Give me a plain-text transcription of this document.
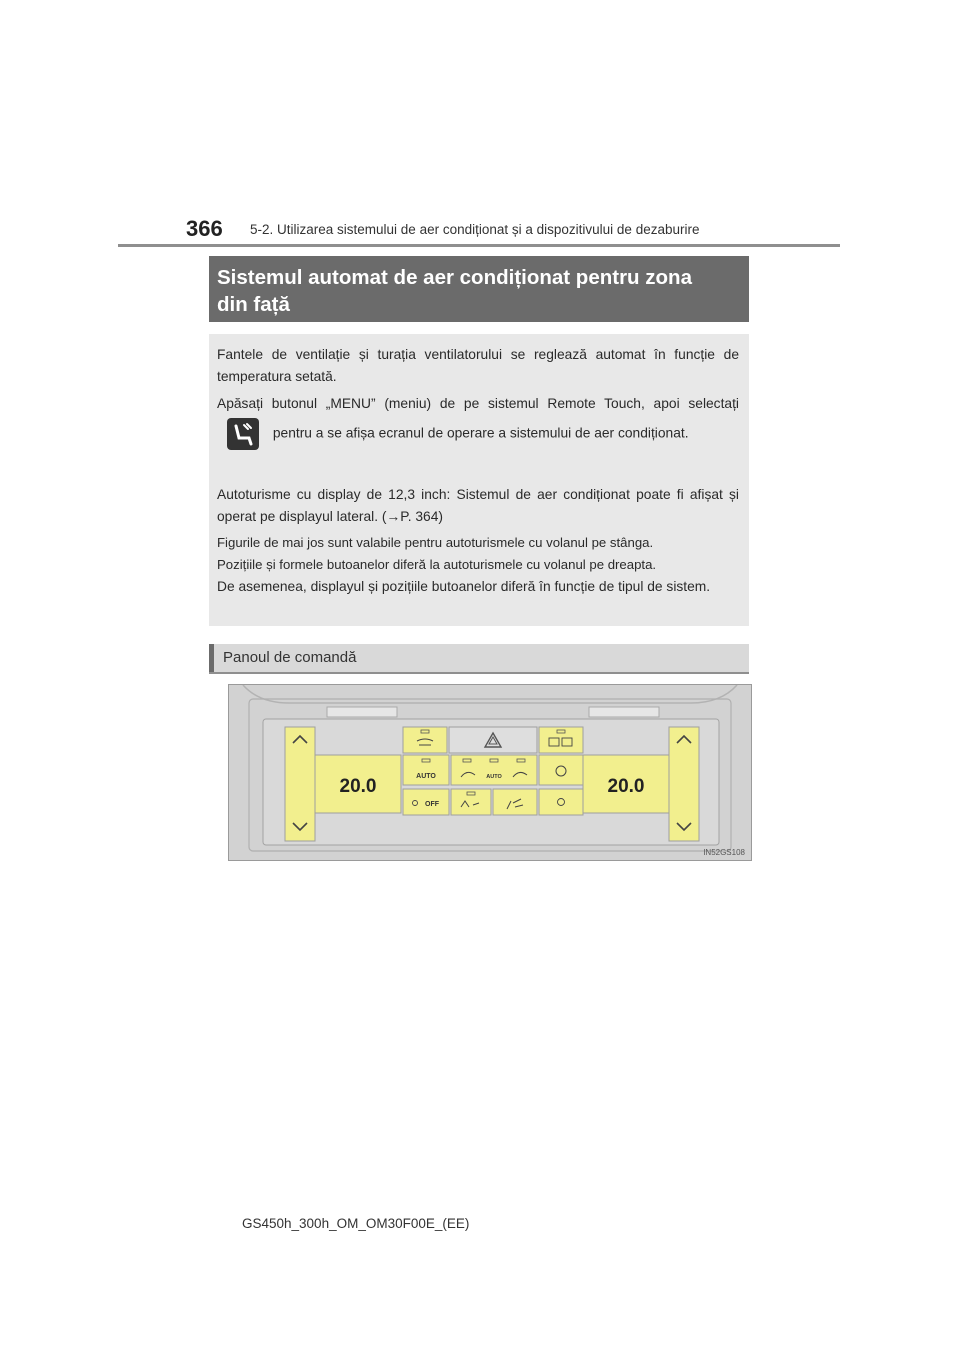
366 5-2. Utilizarea sistemului de aer condiționat și a dispozitivului de dezaburire
Sistemul automat de aer condiționat pentru zona
din față
Fantele de ventilație și turația ventilatorului se reglează automat în funcție de temperatura setată.
Apăsați butonul „MENU” (meniu) de pe sistemul Remote Touch, apoi selectați
pentru a se afișa ecranul de operare a sistemului de aer condiționat.
Autoturisme cu display de 12,3 inch: Sistemul de aer condiționat poate fi afișat și operat pe displayul lateral. (→P. 364)
Figurile de mai jos sunt valabile pentru autoturismele cu volanul pe stânga.
Pozițiile și formele butoanelor diferă la autoturismele cu volanul pe dreapta.
De asemenea, displayul și pozițiile butoanelor diferă în funcție de tipul de sistem.
Panoul de comandă
20.0	20.0
AUTO	AUTO
OFF
IN52GS108
GS450h_300h_OM_OM30F00E_(EE)
